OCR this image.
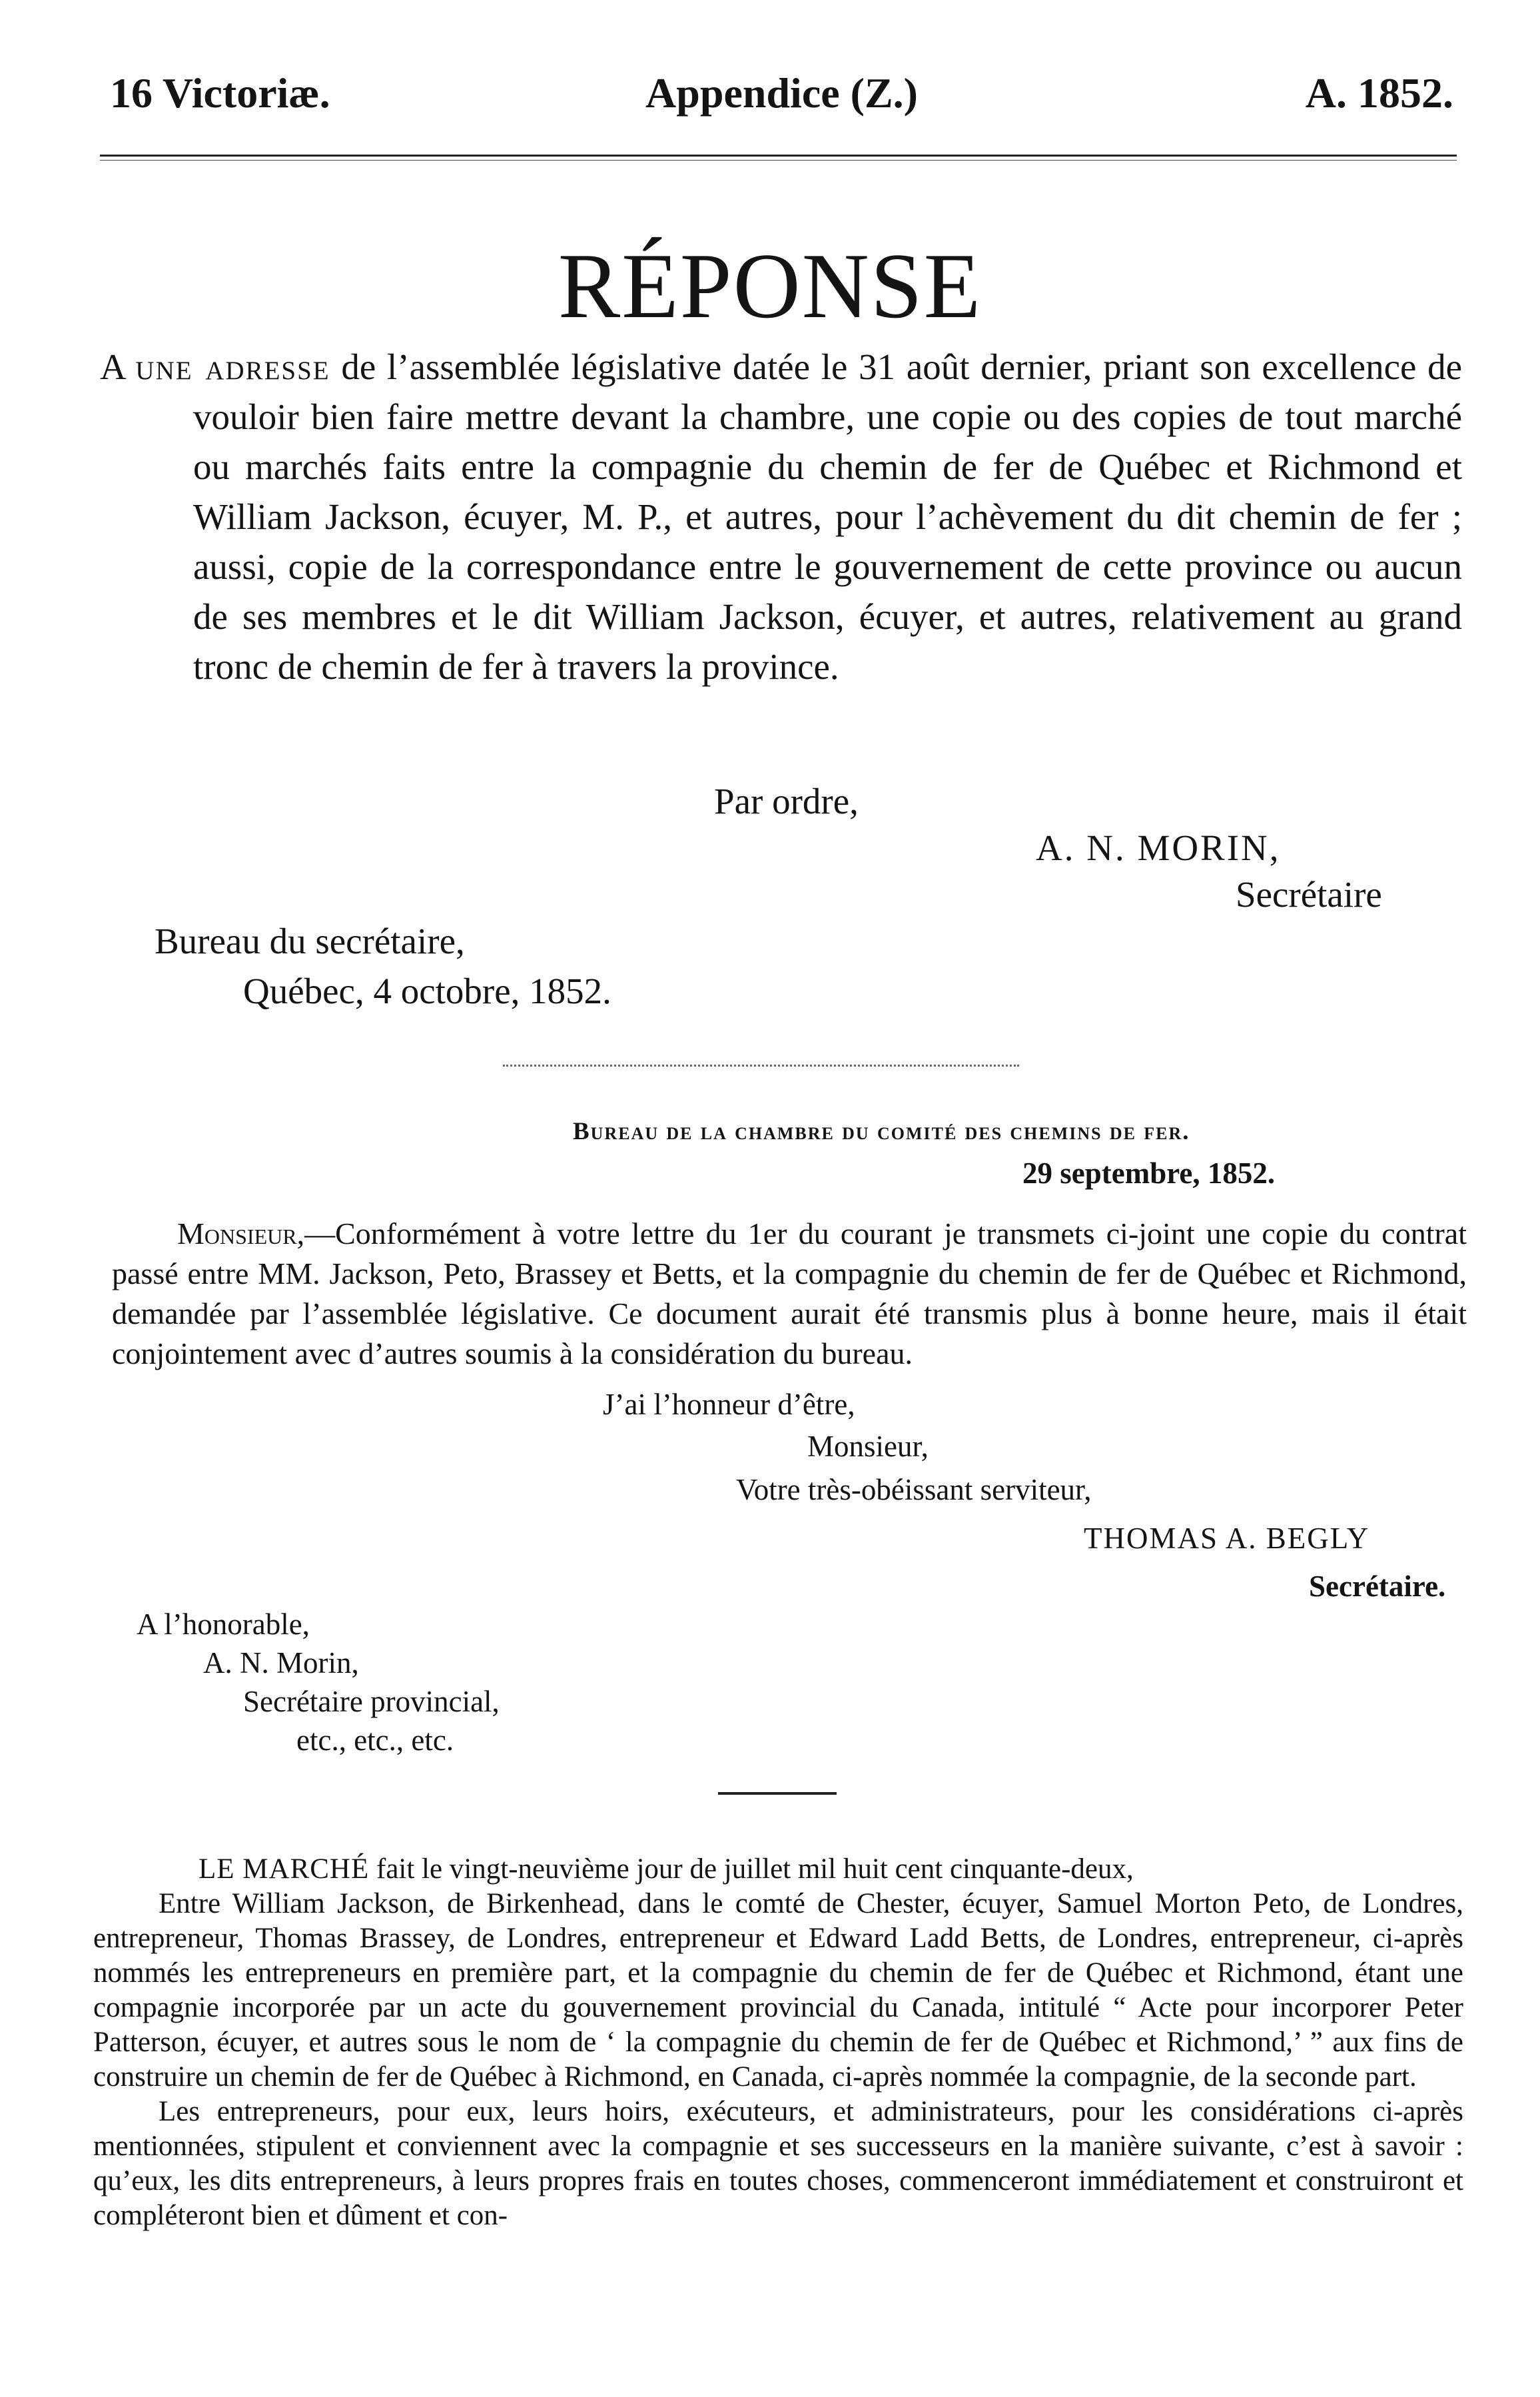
16 Victoriæ.	Appendice (Z.)	A. 1852.
RÉPONSE
A une adresse de l’assemblée législative datée le 31 août dernier, priant son excellence de vouloir bien faire mettre devant la chambre, une copie ou des copies de tout marché ou marchés faits entre la compagnie du chemin de fer de Québec et Richmond et William Jackson, écuyer, M. P., et autres, pour l’achèvement du dit chemin de fer ; aussi, copie de la correspondance entre le gouvernement de cette province ou aucun de ses membres et le dit William Jackson, écuyer, et autres, relativement au grand tronc de chemin de fer à travers la province.
Par ordre,
A. N. MORIN,
Secrétaire
Bureau du secrétaire,
Québec, 4 octobre, 1852.
Bureau de la chambre du comité des chemins de fer.
29 septembre, 1852.
Monsieur,—Conformément à votre lettre du 1er du courant je transmets ci-joint une copie du contrat passé entre MM. Jackson, Peto, Brassey et Betts, et la compagnie du chemin de fer de Québec et Richmond, demandée par l’assemblée législative. Ce document aurait été transmis plus à bonne heure, mais il était conjointement avec d’autres soumis à la considération du bureau.
J’ai l’honneur d’être,
Monsieur,
Votre très-obéissant serviteur,
THOMAS A. BEGLY
Secrétaire.
A l’honorable,
A. N. Morin,
Secrétaire provincial,
etc., etc., etc.

LE MARCHÉ fait le vingt-neuvième jour de juillet mil huit cent cinquante-deux,

Entre William Jackson, de Birkenhead, dans le comté de Chester, écuyer, Samuel Morton Peto, de Londres, entrepreneur, Thomas Brassey, de Londres, entrepreneur et Edward Ladd Betts, de Londres, entrepreneur, ci-après nommés les entrepreneurs en première part, et la compagnie du chemin de fer de Québec et Richmond, étant une compagnie incorporée par un acte du gouvernement provincial du Canada, intitulé “ Acte pour incorporer Peter Patterson, écuyer, et autres sous le nom de ‘ la compagnie du chemin de fer de Québec et Richmond,’ ” aux fins de construire un chemin de fer de Québec à Richmond, en Canada, ci-après nommée la compagnie, de la seconde part.

Les entrepreneurs, pour eux, leurs hoirs, exécuteurs, et administrateurs, pour les considérations ci-après mentionnées, stipulent et conviennent avec la compagnie et ses successeurs en la manière suivante, c’est à savoir : qu’eux, les dits entrepreneurs, à leurs propres frais en toutes choses, commenceront immédiatement et construiront et compléteront bien et dûment et con-
